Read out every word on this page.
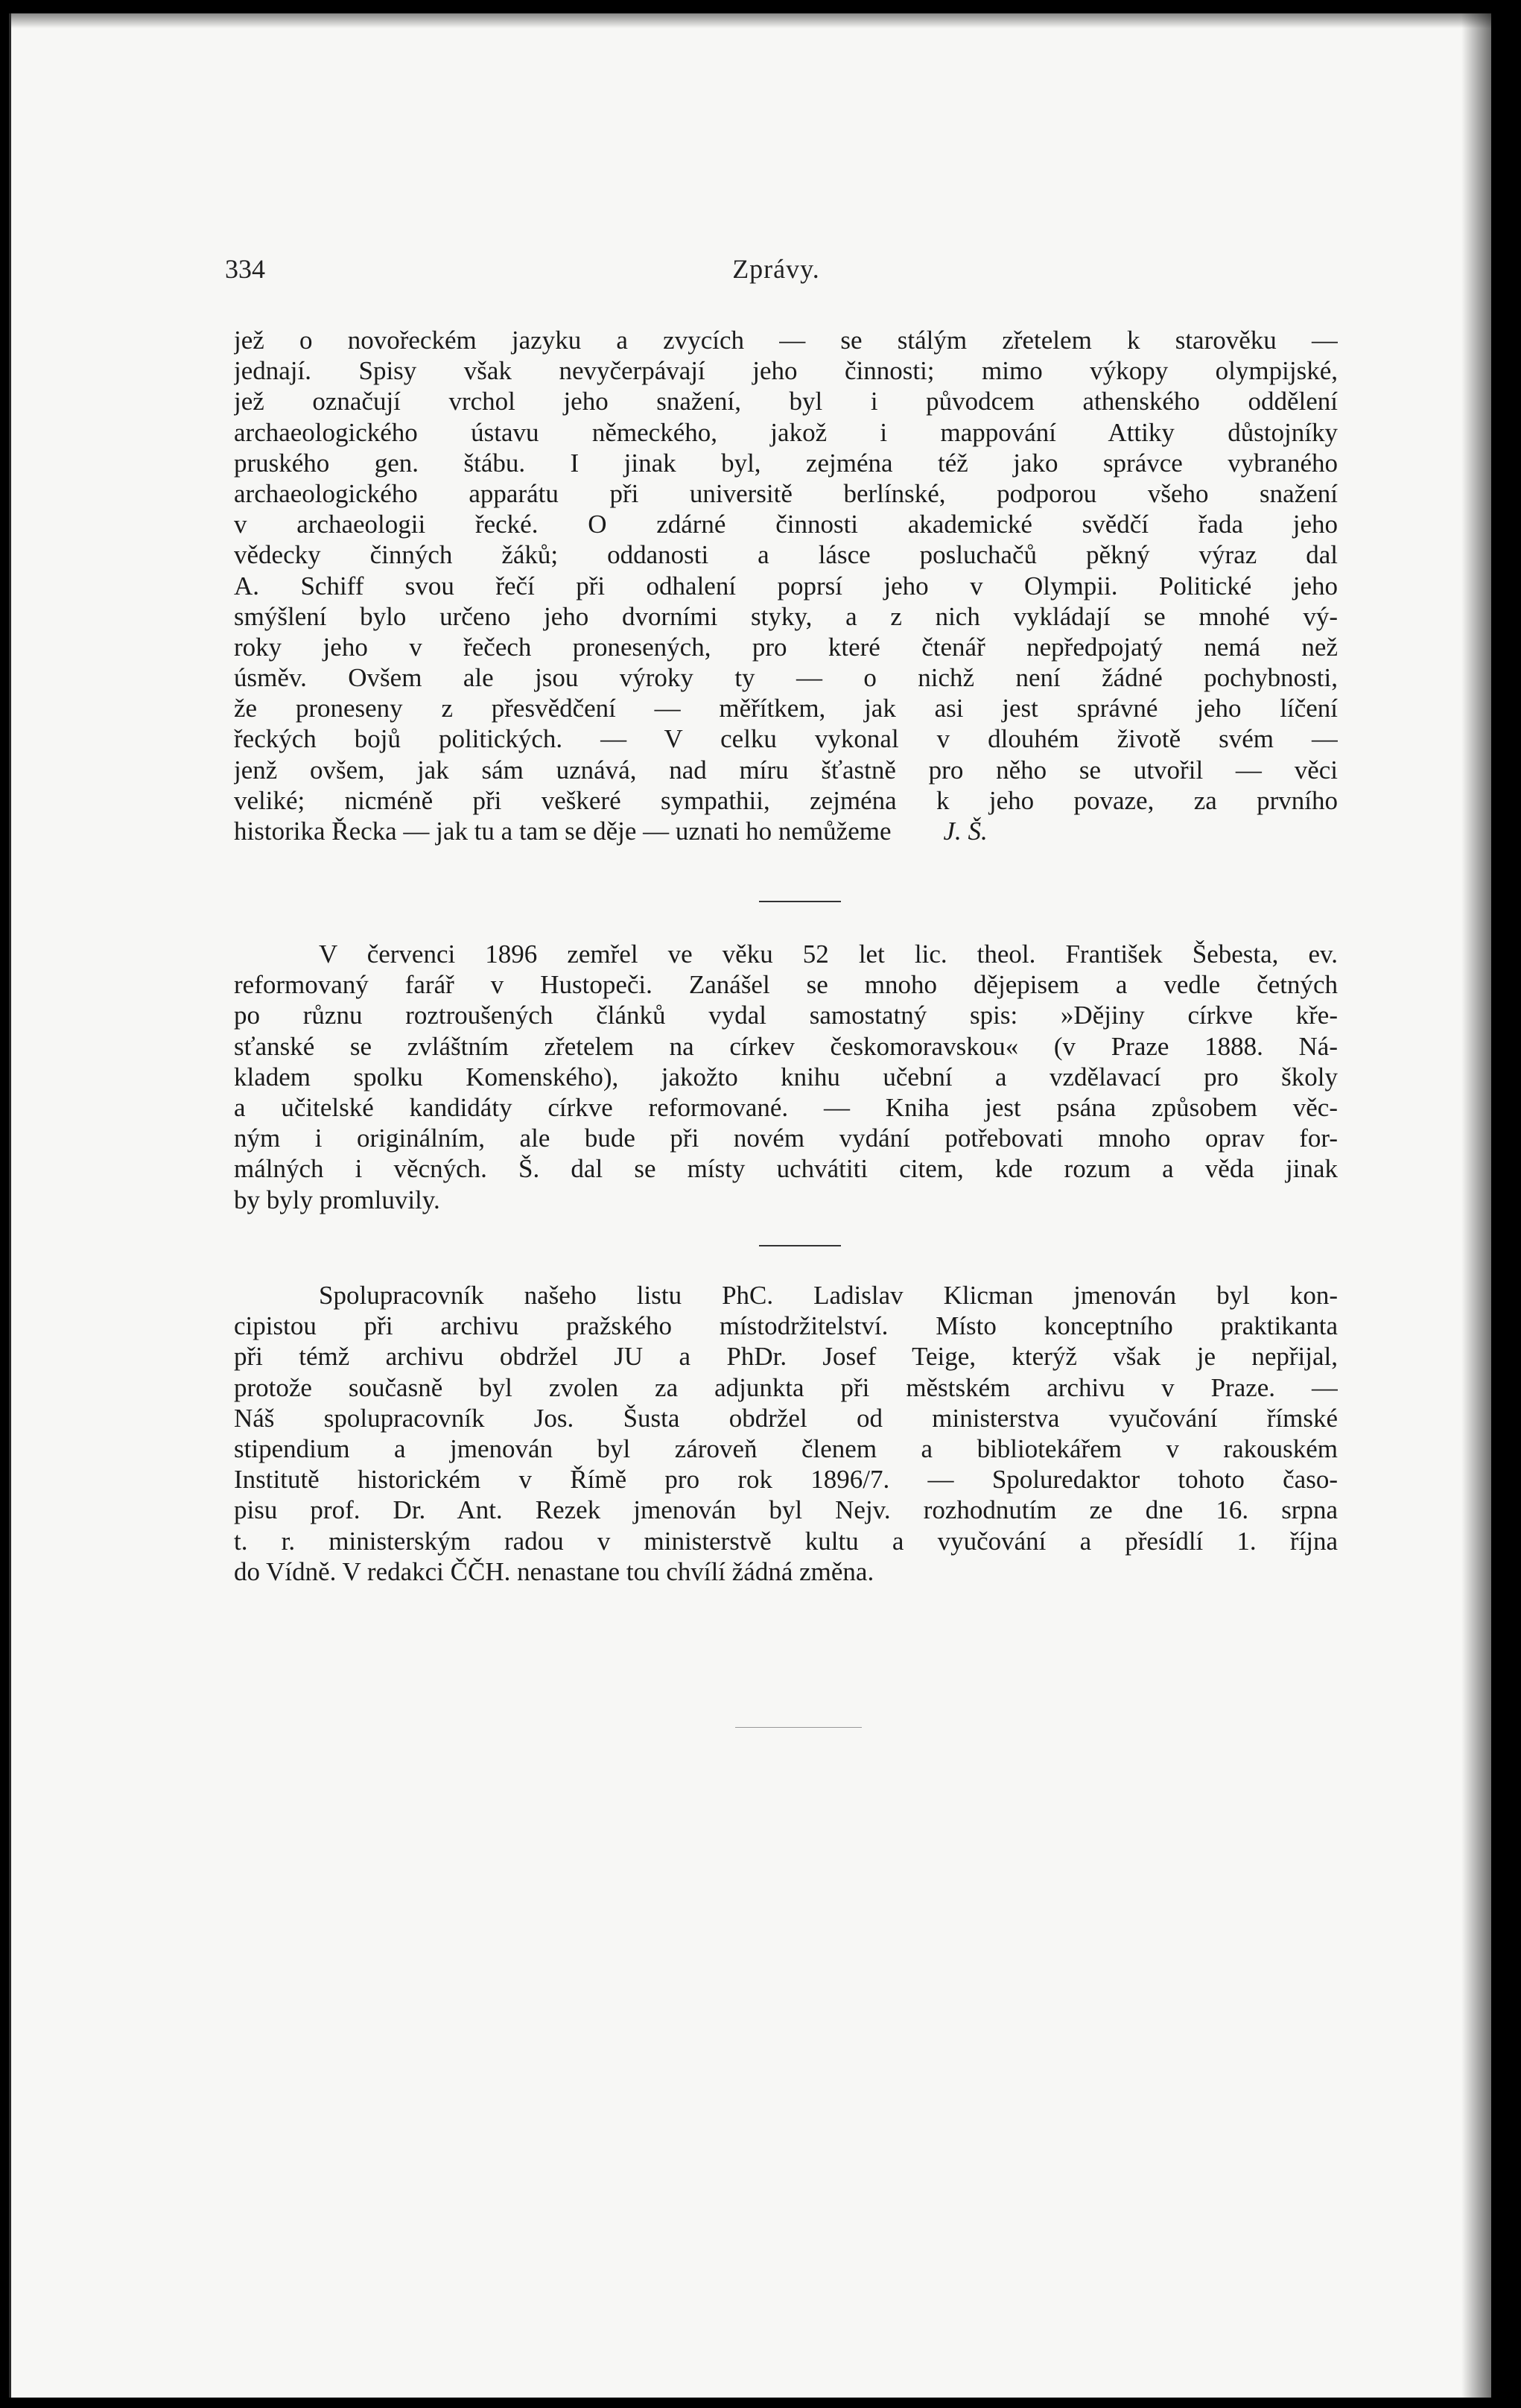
334	Zprávy.
jež o novořeckém jazyku a zvycích — se stálým zřetelem k starověku —
jednají. Spisy však nevyčerpávají jeho činnosti; mimo výkopy olympijské,
jež označují vrchol jeho snažení, byl i původcem athenského oddělení
archaeologického ústavu německého, jakož i mappování Attiky důstojníky
pruského gen. štábu. I jinak byl, zejména též jako správce vybraného
archaeologického apparátu při universitě berlínské, podporou všeho snažení
v archaeologii řecké. O zdárné činnosti akademické svědčí řada jeho
vědecky činných žáků; oddanosti a lásce posluchačů pěkný výraz dal
A. Schiff svou řečí při odhalení poprsí jeho v Olympii. Politické jeho
smýšlení bylo určeno jeho dvorními styky, a z nich vykládají se mnohé vý-
roky jeho v řečech pronesených, pro které čtenář nepředpojatý nemá než
úsměv. Ovšem ale jsou výroky ty — o nichž není žádné pochybnosti,
že proneseny z přesvědčení — měřítkem, jak asi jest správné jeho líčení
řeckých bojů politických. — V celku vykonal v dlouhém životě svém —
jenž ovšem, jak sám uznává, nad míru šťastně pro něho se utvořil — věci
veliké; nicméně při veškeré sympathii, zejména k jeho povaze, za prvního
historika Řecka — jak tu a tam se děje — uznati ho nemůžeme J. Š.
V červenci 1896 zemřel ve věku 52 let lic. theol. František Šebesta, ev.
reformovaný farář v Hustopeči. Zanášel se mnoho dějepisem a vedle četných
po různu roztroušených článků vydal samostatný spis: »Dějiny církve kře-
sťanské se zvláštním zřetelem na církev českomoravskou« (v Praze 1888. Ná-
kladem spolku Komenského), jakožto knihu učební a vzdělavací pro školy
a učitelské kandidáty církve reformované. — Kniha jest psána způsobem věc-
ným i originálním, ale bude při novém vydání potřebovati mnoho oprav for-
málných i věcných. Š. dal se místy uchvátiti citem, kde rozum a věda jinak
by byly promluvily.
Spolupracovník našeho listu PhC. Ladislav Klicman jmenován byl kon-
cipistou při archivu pražského místodržitelství. Místo konceptního praktikanta
při témž archivu obdržel JU a PhDr. Josef Teige, kterýž však je nepřijal,
protože současně byl zvolen za adjunkta při městském archivu v Praze. —
Náš spolupracovník Jos. Šusta obdržel od ministerstva vyučování římské
stipendium a jmenován byl zároveň členem a bibliotekářem v rakouském
Institutě historickém v Římě pro rok 1896/7. — Spoluredaktor tohoto časo-
pisu prof. Dr. Ant. Rezek jmenován byl Nejv. rozhodnutím ze dne 16. srpna
t. r. ministerským radou v ministerstvě kultu a vyučování a přesídlí 1. října
do Vídně. V redakci ČČH. nenastane tou chvílí žádná změna.
